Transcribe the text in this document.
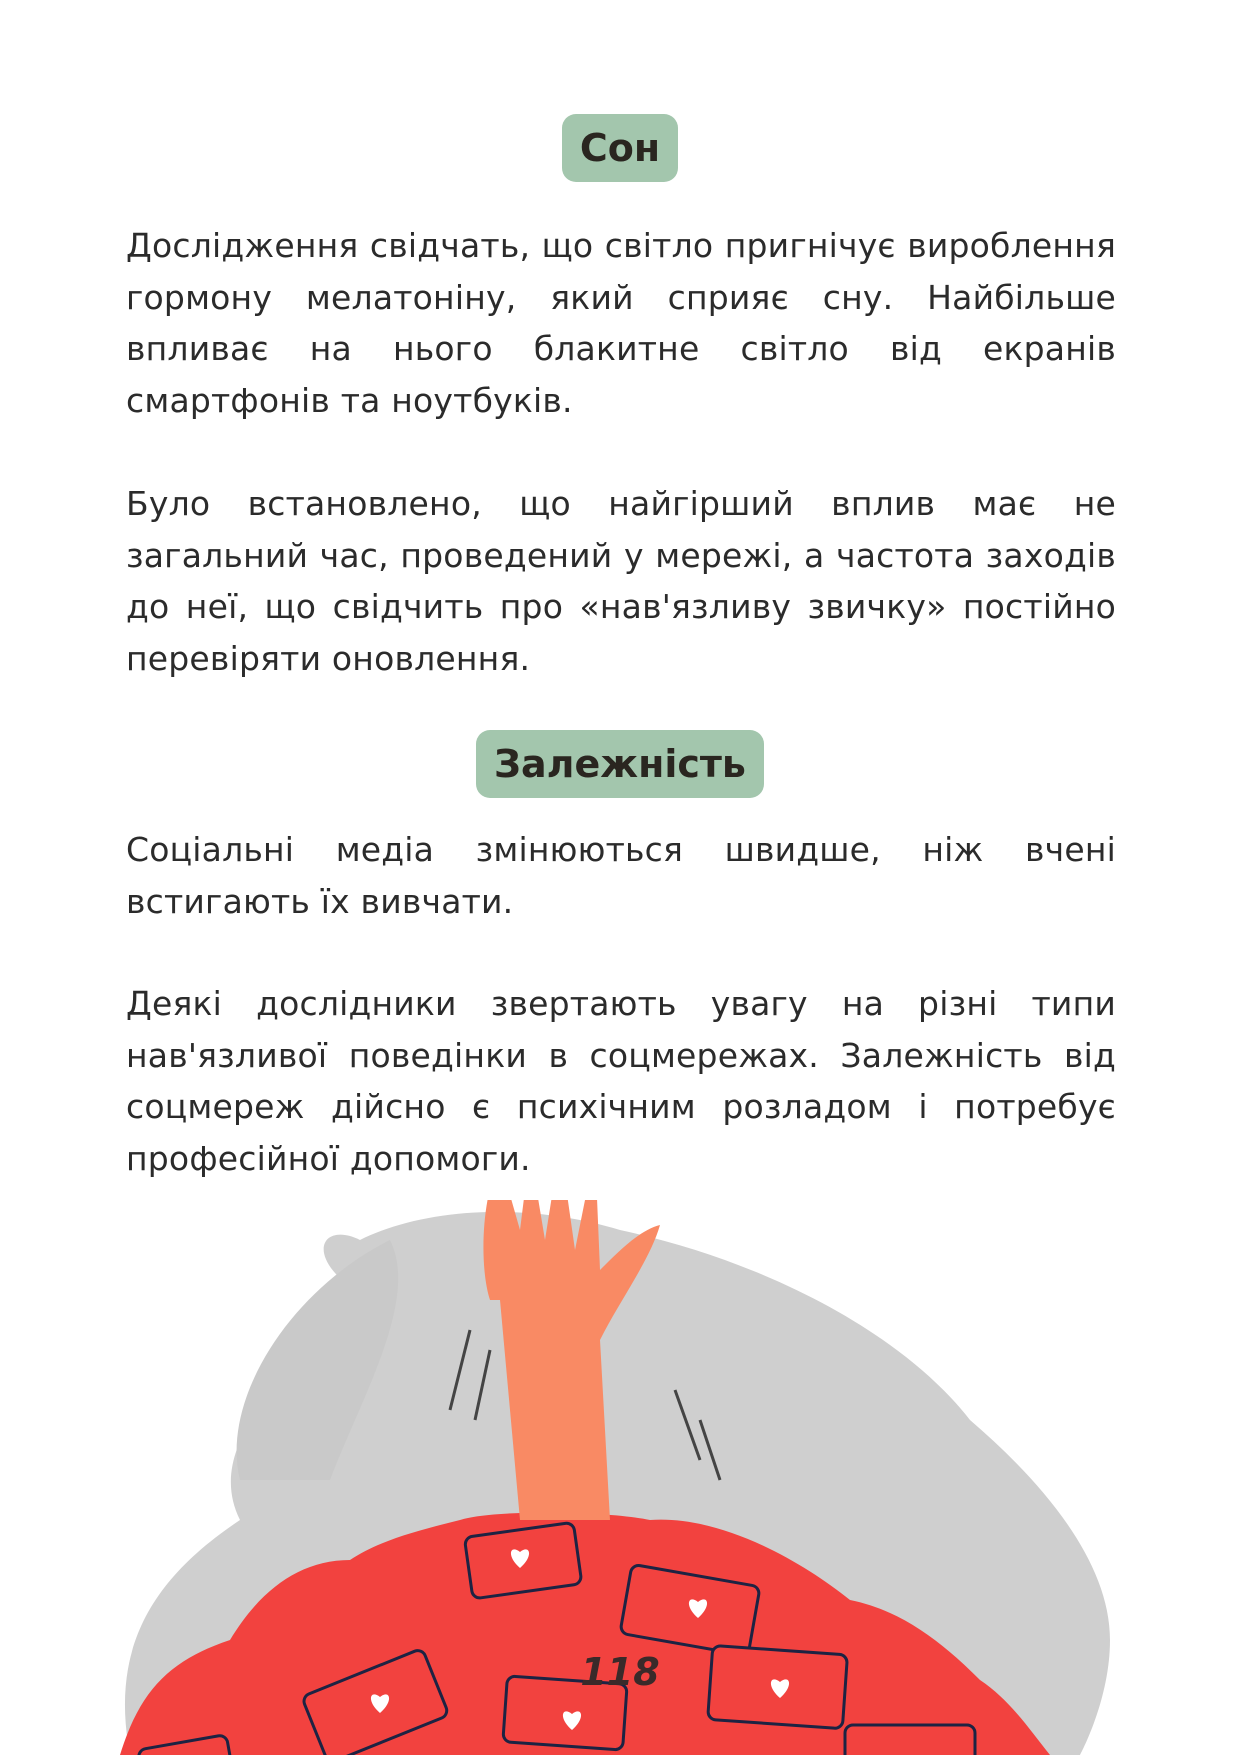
Сон

Дослідження свідчать, що світло пригнічує вироблення гормону мелатоніну, який сприяє сну. Найбільше впливає на нього блакитне світло від екранів смартфонів та ноутбуків.

Було встановлено, що найгірший вплив має не загальний час, проведений у мережі, а частота заходів до неї, що свідчить про «нав'язливу звичку» постійно перевіряти оновлення.

Залежність

Соціальні медіа змінюються швидше, ніж вчені встигають їх вивчати.

Деякі дослідники звертають увагу на різні типи нав'язливої поведінки в соцмережах. Залежність від соцмереж дійсно є психічним розладом і потребує професійної допомоги.

118
